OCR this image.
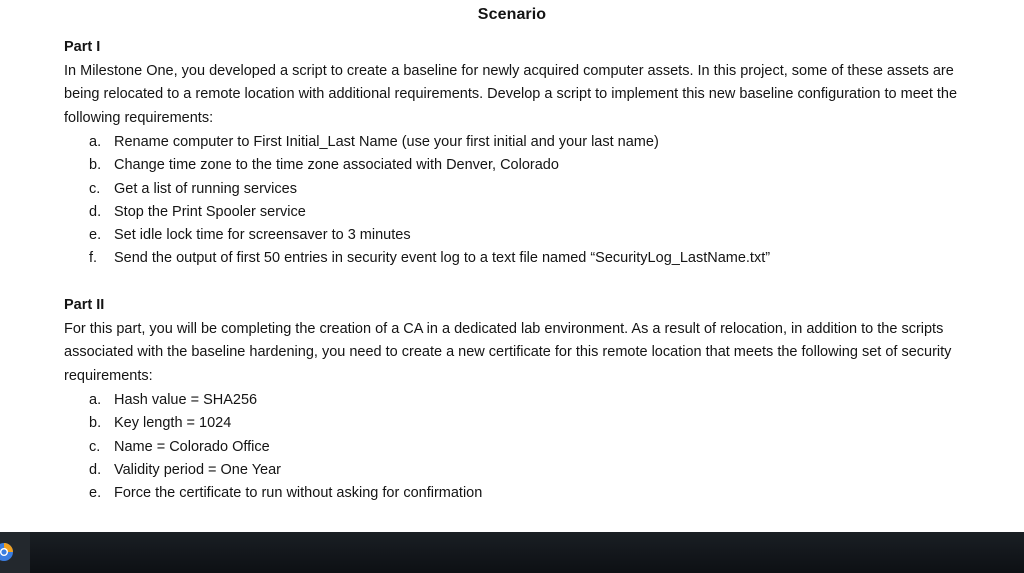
Scenario
Part I
In Milestone One, you developed a script to create a baseline for newly acquired computer assets. In this project, some of these assets are being relocated to a remote location with additional requirements. Develop a script to implement this new baseline configuration to meet the following requirements:
a. Rename computer to First Initial_Last Name (use your first initial and your last name)
b. Change time zone to the time zone associated with Denver, Colorado
c. Get a list of running services
d. Stop the Print Spooler service
e. Set idle lock time for screensaver to 3 minutes
f. Send the output of first 50 entries in security event log to a text file named “SecurityLog_LastName.txt”
Part II
For this part, you will be completing the creation of a CA in a dedicated lab environment. As a result of relocation, in addition to the scripts associated with the baseline hardening, you need to create a new certificate for this remote location that meets the following set of security requirements:
a. Hash value = SHA256
b. Key length = 1024
c. Name = Colorado Office
d. Validity period = One Year
e. Force the certificate to run without asking for confirmation
